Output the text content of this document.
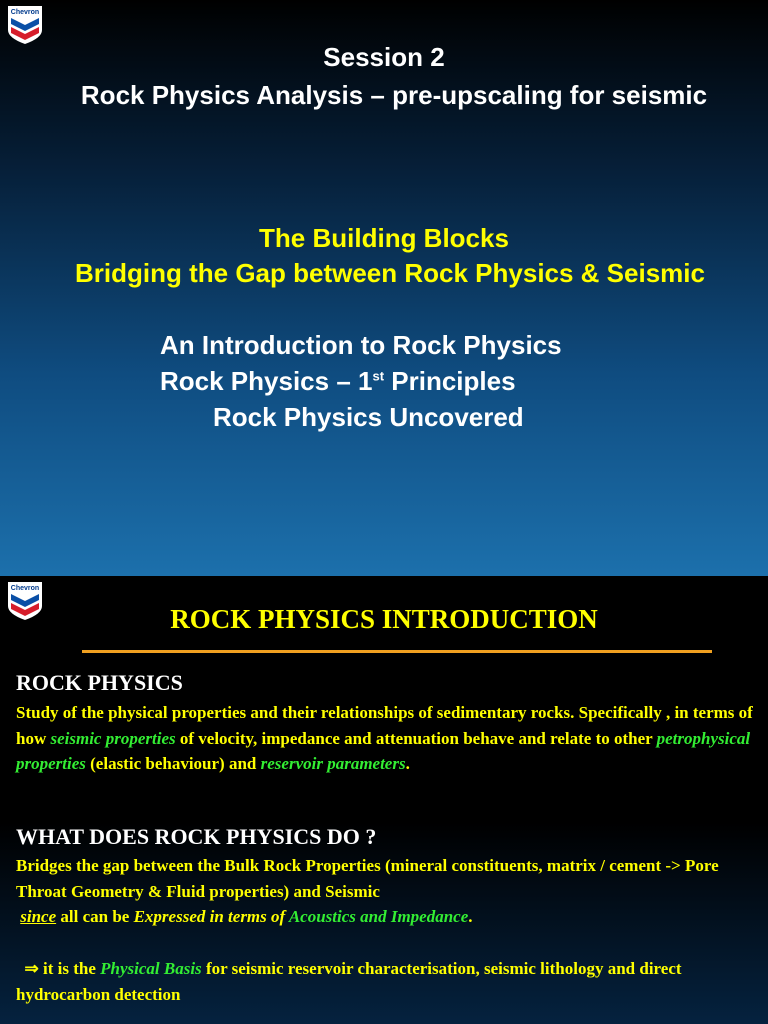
Chevron

Session 2

Rock Physics Analysis – pre-upscaling for seismic

The Building Blocks

Bridging the Gap between Rock Physics & Seismic

An Introduction to Rock Physics

Rock Physics – 1st Principles

Rock Physics Uncovered

Chevron

ROCK PHYSICS INTRODUCTION

ROCK PHYSICS

Study of the physical properties and their relationships of sedimentary rocks. Specifically , in terms of how seismic properties of velocity, impedance and attenuation behave and relate to other petrophysical properties (elastic behaviour) and reservoir parameters.

WHAT DOES ROCK PHYSICS DO ?

Bridges the gap between the Bulk Rock Properties (mineral constituents, matrix / cement -> Pore Throat Geometry & Fluid properties) and Seismic
since all can be Expressed in terms of Acoustics and Impedance.

⇒ it is the Physical Basis for seismic reservoir characterisation, seismic lithology and direct hydrocarbon detection
